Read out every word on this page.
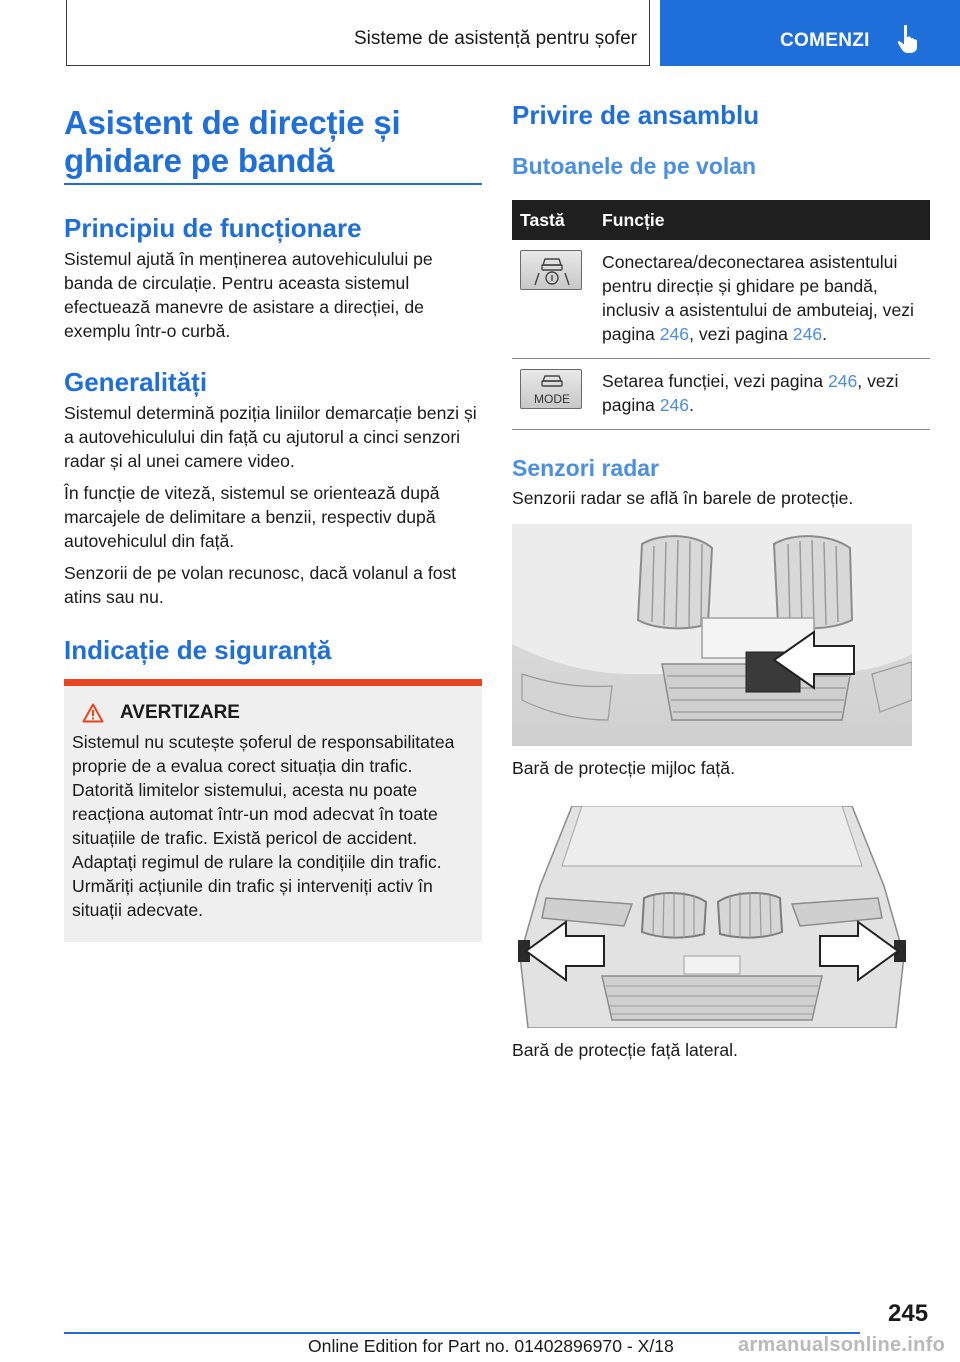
Sisteme de asistență pentru șofer	COMENZI
Asistent de direcție și
ghidare pe bandă
Principiu de funcționare

Sistemul ajută în menținerea autovehiculului pe banda de circulație. Pentru aceasta sistemul efectuează manevre de asistare a direcției, de exemplu într-o curbă.

Generalități

Sistemul determină poziția liniilor demarcație benzi și a autovehiculului din față cu ajutorul a cinci senzori radar și al unei camere video.

În funcție de viteză, sistemul se orientează după marcajele de delimitare a benzii, respectiv după autovehiculul din față.

Senzorii de pe volan recunosc, dacă volanul a fost atins sau nu.

Indicație de siguranță
AVERTIZARE

Sistemul nu scutește șoferul de responsabilitatea proprie de a evalua corect situația din trafic. Datorită limitelor sistemului, acesta nu poate reacționa automat într-un mod adecvat în toate situațiile de trafic. Există pericol de accident. Adaptați regimul de rulare la condițiile din trafic. Urmăriți acțiunile din trafic și interveniți activ în situații adecvate.

Privire de ansamblu
Butoanele de pe volan
Tastă	Funcție

	Conectarea/deconectarea asistentului pentru direcție și ghidare pe bandă, inclusiv a asistentului de ambuteiaj, vezi pagina 246, vezi pagina 246.

MODE	Setarea funcției, vezi pagina 246, vezi pagina 246.
Senzori radar

Senzorii radar se află în barele de protecție.

Bară de protecție mijloc față.

Bară de protecție față lateral.

245
Online Edition for Part no. 01402896970 - X/18	armanualsonline.info
